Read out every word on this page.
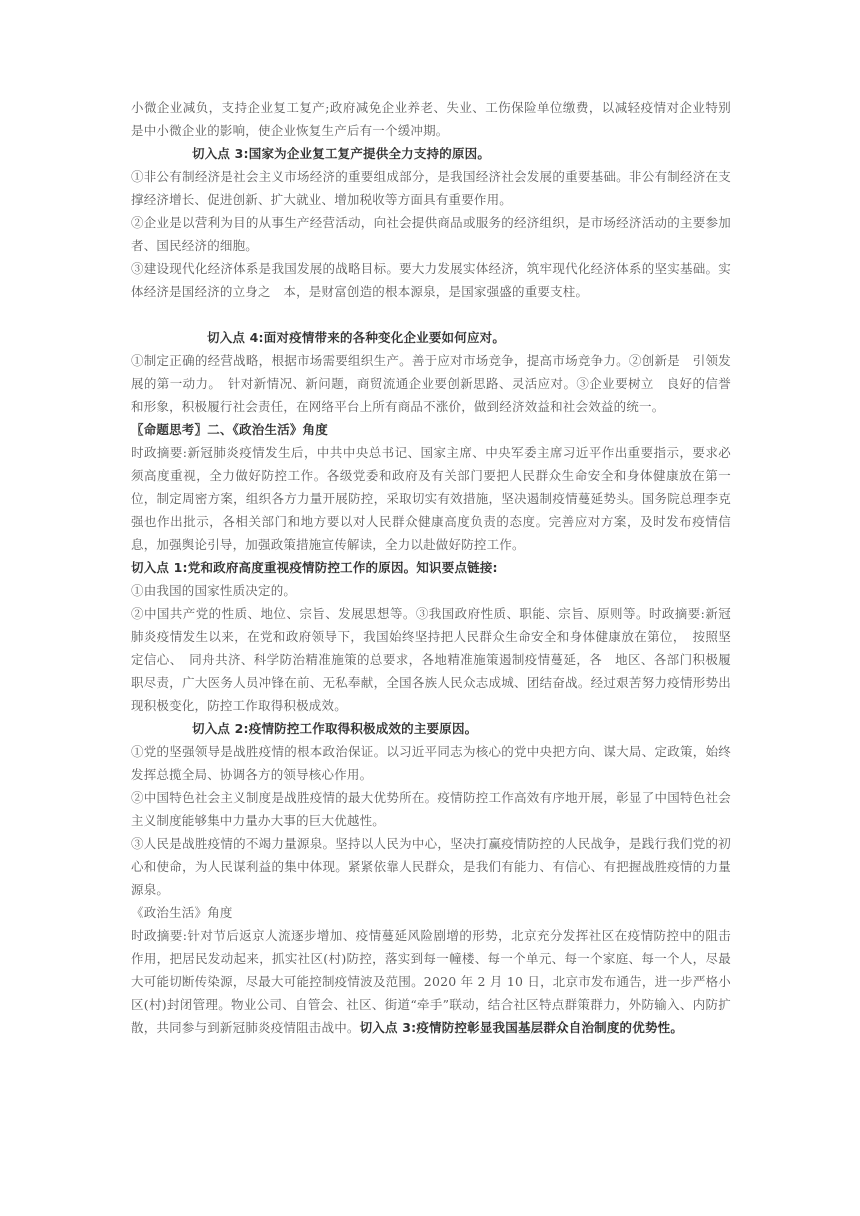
小微企业减负，支持企业复工复产;政府减免企业养老、失业、工伤保险单位缴费，以减轻疫情对企业特别是中小微企业的影响，使企业恢复生产后有一个缓冲期。

切入点 3:国家为企业复工复产提供全力支持的原因。

①非公有制经济是社会主义市场经济的重要组成部分，是我国经济社会发展的重要基础。非公有制经济在支撑经济增长、促进创新、扩大就业、增加税收等方面具有重要作用。

②企业是以营利为目的从事生产经营活动，向社会提供商品或服务的经济组织，是市场经济活动的主要参加者、国民经济的细胞。

③建设现代化经济体系是我国发展的战略目标。要大力发展实体经济，筑牢现代化经济体系的坚实基础。实体经济是国经济的立身之　本，是财富创造的根本源泉，是国家强盛的重要支柱。

切入点 4:面对疫情带来的各种变化企业要如何应对。

①制定正确的经营战略，根据市场需要组织生产。善于应对市场竞争，提高市场竞争力。②创新是　引领发展的第一动力。　针对新情况、新问题，商贸流通企业要创新思路、灵活应对。③企业要树立　良好的信誉和形象，积极履行社会责任，在网络平台上所有商品不涨价，做到经济效益和社会效益的统一。

〖命题思考〗二、《政治生活》角度

时政摘要:新冠肺炎疫情发生后，中共中央总书记、国家主席、中央军委主席习近平作出重要指示，要求必须高度重视，全力做好防控工作。各级党委和政府及有关部门要把人民群众生命安全和身体健康放在第一位，制定周密方案，组织各方力量开展防控，采取切实有效措施，坚决遏制疫情蔓延势头。国务院总理李克强也作出批示，各相关部门和地方要以对人民群众健康高度负责的态度。完善应对方案，及时发布疫情信息，加强舆论引导，加强政策措施宣传解读，全力以赴做好防控工作。

切入点 1:党和政府高度重视疫情防控工作的原因。知识要点链接:

①由我国的国家性质决定的。

②中国共产党的性质、地位、宗旨、发展思想等。③我国政府性质、职能、宗旨、原则等。时政摘要:新冠肺炎疫情发生以来，在党和政府领导下，我国始终坚持把人民群众生命安全和身体健康放在第位，　按照坚定信心、　同舟共济、科学防治精准施策的总要求，各地精准施策遏制疫情蔓延，各　地区、各部门积极履职尽责，广大医务人员冲锋在前、无私奉献，全国各族人民众志成城、团结奋战。经过艰苦努力疫情形势出现积极变化，防控工作取得积极成效。

切入点 2:疫情防控工作取得积极成效的主要原因。

①党的坚强领导是战胜疫情的根本政治保证。以习近平同志为核心的党中央把方向、谋大局、定政策，始终发挥总揽全局、协调各方的领导核心作用。

②中国特色社会主义制度是战胜疫情的最大优势所在。疫情防控工作高效有序地开展，彰显了中国特色社会主义制度能够集中力量办大事的巨大优越性。

③人民是战胜疫情的不竭力量源泉。坚持以人民为中心，坚决打赢疫情防控的人民战争，是践行我们党的初心和使命，为人民谋利益的集中体现。紧紧依靠人民群众，是我们有能力、有信心、有把握战胜疫情的力量源泉。

《政治生活》角度

时政摘要:针对节后返京人流逐步增加、疫情蔓延风险剧增的形势，北京充分发挥社区在疫情防控中的阻击作用，把居民发动起来，抓实社区(村)防控，落实到每一幢楼、每一个单元、每一个家庭、每一个人，尽最大可能切断传染源，尽最大可能控制疫情波及范围。2020 年 2 月 10 日，北京市发布通告，进一步严格小区(村)封闭管理。物业公司、自管会、社区、街道“牵手”联动，结合社区特点群策群力，外防输入、内防扩散，共同参与到新冠肺炎疫情阻击战中。切入点 3:疫情防控彰显我国基层群众自治制度的优势性。
